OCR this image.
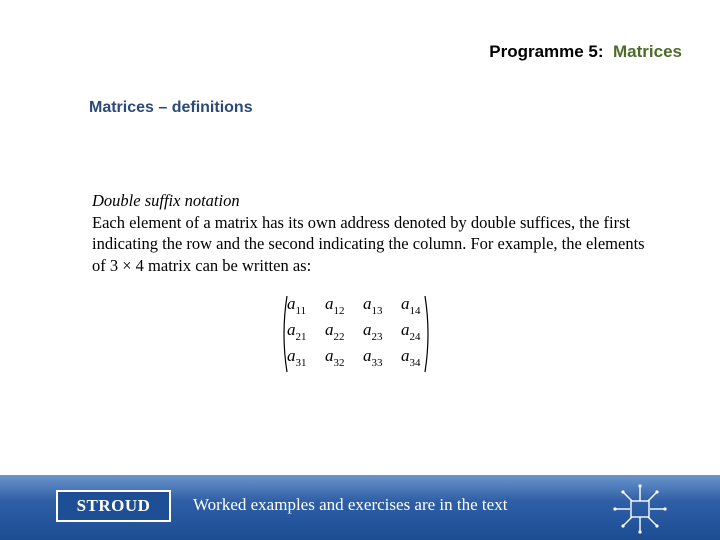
Programme 5: Matrices
Matrices – definitions
Double suffix notation

Each element of a matrix has its own address denoted by double suffices, the first indicating the row and the second indicating the column. For example, the elements of 3 × 4 matrix can be written as:

$a_{11}$ $a_{12}$ $a_{13}$ $a_{14}$
$a_{21}$ $a_{22}$ $a_{23}$ $a_{24}$
$a_{31}$ $a_{32}$ $a_{33}$ $a_{34}$
STROUD	Worked examples and exercises are in the text
